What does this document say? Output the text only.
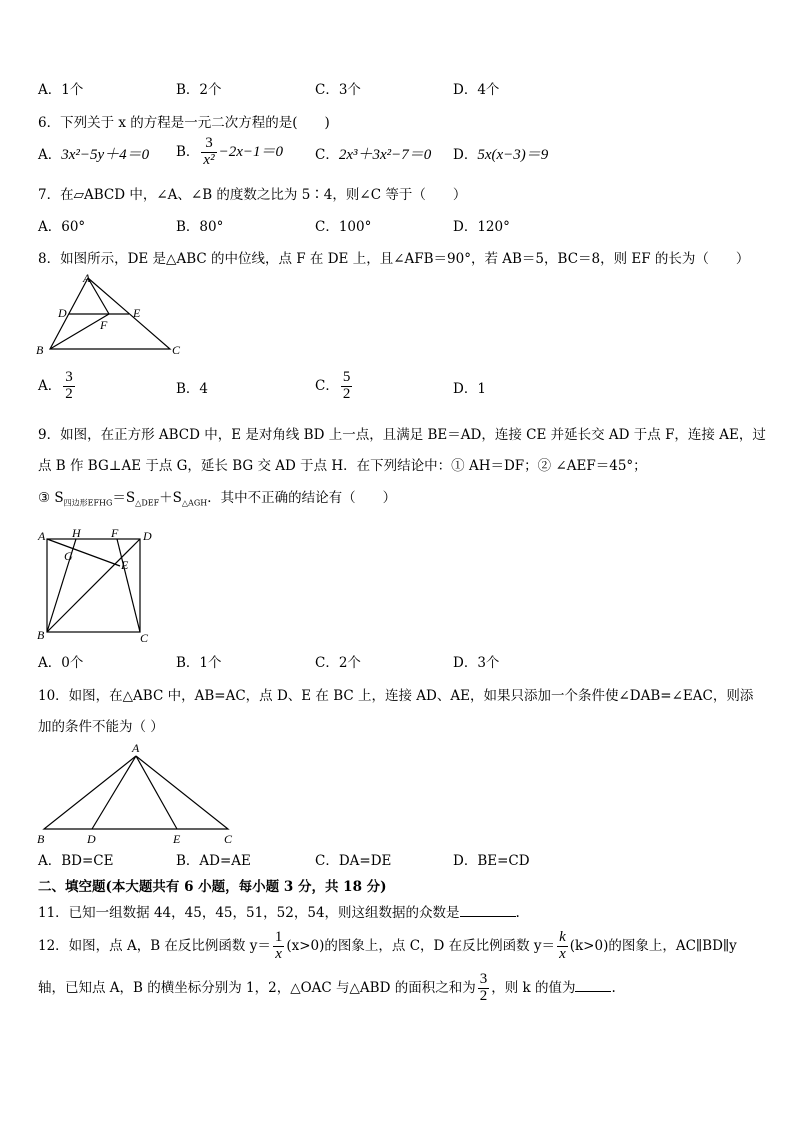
A．1个	B．2个	C．3个	D．4个
6．下列关于 x 的方程是一元二次方程的是(　　)
A．3x²−5y＋4＝0 B． $\frac{3}{\text{x²}} -2x-1=0$ C．2x³＋3x²−7＝0 D．5x(x−3)＝9
7．在▱ABCD 中，∠A、∠B 的度数之比为 5∶4，则∠C 等于（　　）
A．60°	B．80°	C．100°	D．120°
8．如图所示，DE 是△ABC 的中位线，点 F 在 DE 上，且∠AFB＝90°，若 AB＝5，BC＝8，则 EF 的长为（　　）
A
B	C
D	E
F
A． $\frac{3}{2}$	B．4	C． $\frac{5}{2}$	D．1
9．如图，在正方形 ABCD 中，E 是对角线 BD 上一点，且满足 BE＝AD，连接 CE 并延长交 AD 于点 F，连接 AE，过
点 B 作 BG⊥AE 于点 G，延长 BG 交 AD 于点 H．在下列结论中：① AH＝DF；② ∠AEF＝45°；
③ $S_{四边形EFHG}=S_{\triangle DEF}+S_{\triangle AGH}$．其中不正确的结论有（　　）
A H	F D
G
E
B	C
A．0个	B．1个	C．2个	D．3个
10．如图，在△ABC 中，AB=AC，点 D、E 在 BC 上，连接 AD、AE，如果只添加一个条件使∠DAB=∠EAC，则添
加的条件不能为（ ）
A
B	D	E	C
A．BD=CE	B．AD=AE	C．DA=DE	D．BE=CD
二、填空题(本大题共有 6 小题，每小题 3 分，共 18 分)
11．已知一组数据 44，45，45，51，52，54，则这组数据的众数是	.
12．如图，点 A，B 在反比例函数 $y= \frac{1}{x} (x>0)$的图象上，点 C，D 在反比例函数 $y= \frac{k}{x} (k>0)$的图象上，AC∥BD∥y
轴，已知点 A，B 的横坐标分别为 1，2，△OAC 与△ABD 的面积之和为 $\frac{3}{2}$ ，则 k 的值为	.
